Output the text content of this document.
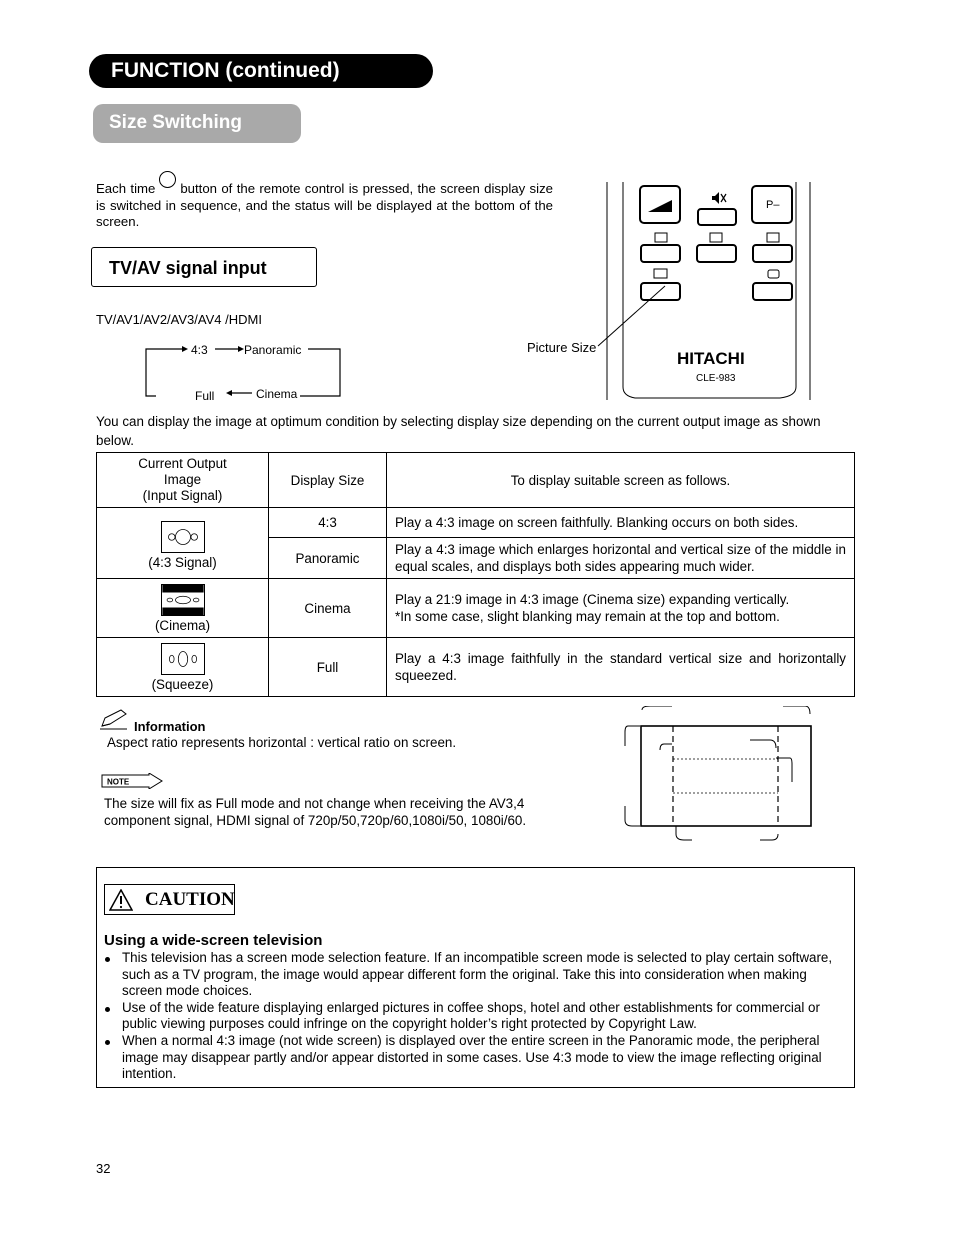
FUNCTION (continued)
Size Switching
Each time button of the remote control is pressed, the screen display size is switched in sequence, and the status will be displayed at the bottom of the screen.
TV/AV signal input
TV/AV1/AV2/AV3/AV4 /HDMI
4:3	Panoramic
Cinema
Full
Picture Size
P–
HITACHI
CLE-983
You can display the image at optimum condition by selecting display size depending on the current output image as shown below.
Current Output
Image
(Input Signal)	Display Size	To display suitable screen as follows.

(4:3 Signal)	4:3	Play a 4:3 image on screen faithfully. Blanking occurs on both sides.
	Panoramic	Play a 4:3 image which enlarges horizontal and vertical size of the middle in equal scales, and displays both sides appearing much wider.

(Cinema)	Cinema	Play a 21:9 image in 4:3 image (Cinema size) expanding vertically.
*In some case, slight blanking may remain at the top and bottom.

(Squeeze)	Full	Play a 4:3 image faithfully in the standard vertical size and horizontally squeezed.
Information
Aspect ratio represents horizontal : vertical ratio on screen.
NOTE
The size will fix as Full mode and not change when receiving the AV3,4 component signal, HDMI signal of 720p/50,720p/60,1080i/50, 1080i/60.
CAUTION
Using a wide-screen television
This television has a screen mode selection feature. If an incompatible screen mode is selected to play certain software, such as a TV program, the image would appear different form the original. Take this into consideration when making screen mode choices.
Use of the wide feature displaying enlarged pictures in coffee shops, hotel and other establishments for commercial or public viewing purposes could infringe on the copyright holder’s right protected by Copyright Law.
When a normal 4:3 image (not wide screen) is displayed over the entire screen in the Panoramic mode, the peripheral image may disappear partly and/or appear distorted in some cases. Use 4:3 mode to view the image reflecting original intention.
32
